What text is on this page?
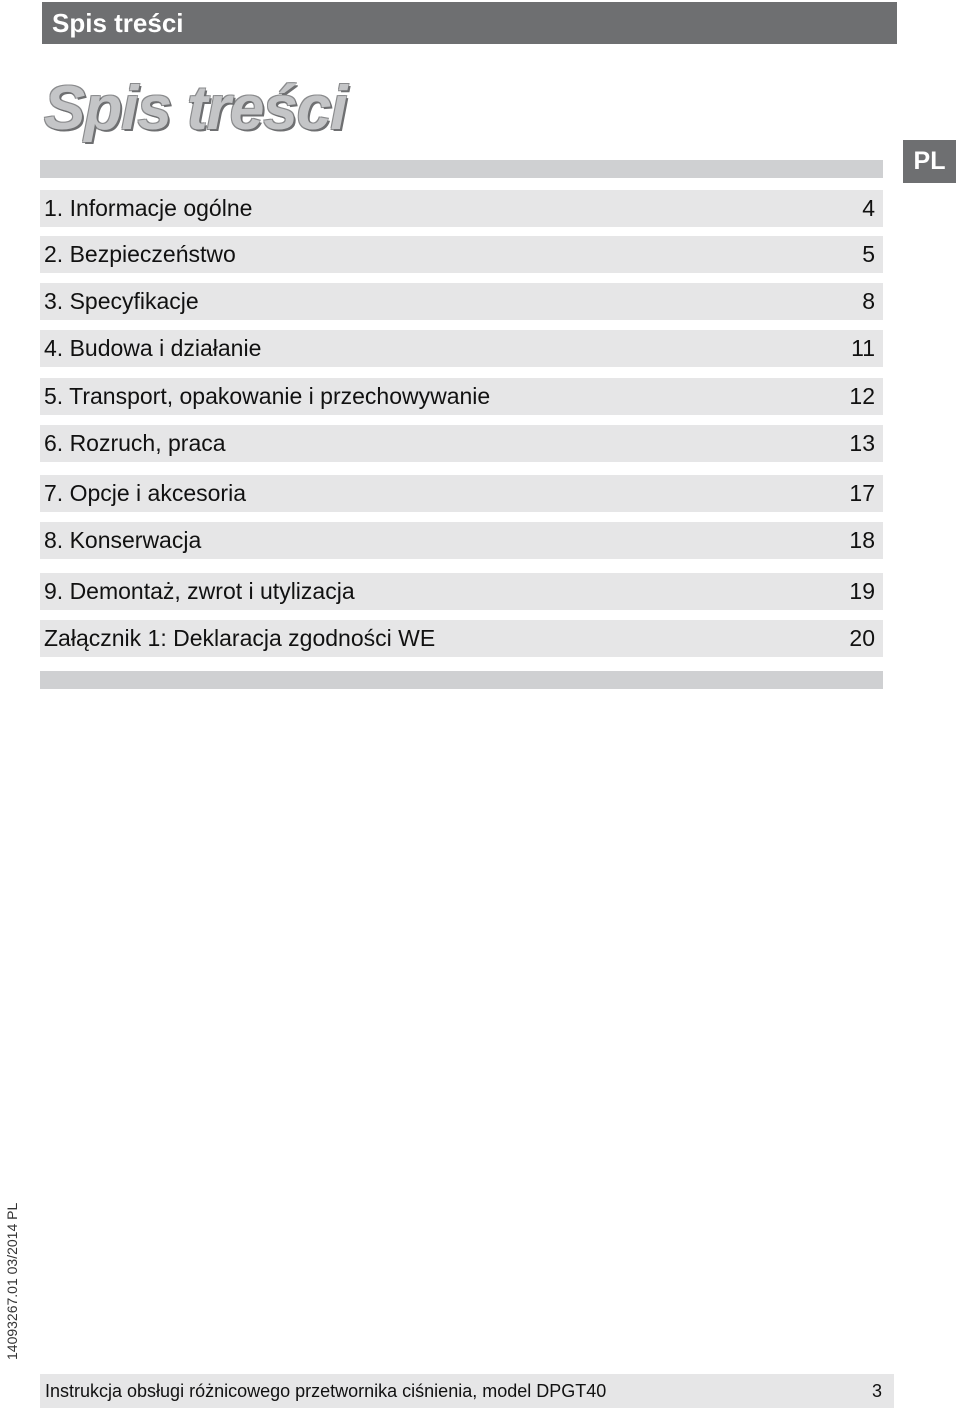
Spis treści
Spis treści
PL
1. Informacje ogólne	4
2. Bezpieczeństwo	5
3. Specyfikacje	8
4. Budowa i działanie	11
5. Transport, opakowanie i przechowywanie	12
6. Rozruch, praca	13
7. Opcje i akcesoria	17
8. Konserwacja	18
9. Demontaż, zwrot i utylizacja	19
Załącznik 1: Deklaracja zgodności WE	20
14093267.01 03/2014 PL
Instrukcja obsługi różnicowego przetwornika ciśnienia, model DPGT40	3
